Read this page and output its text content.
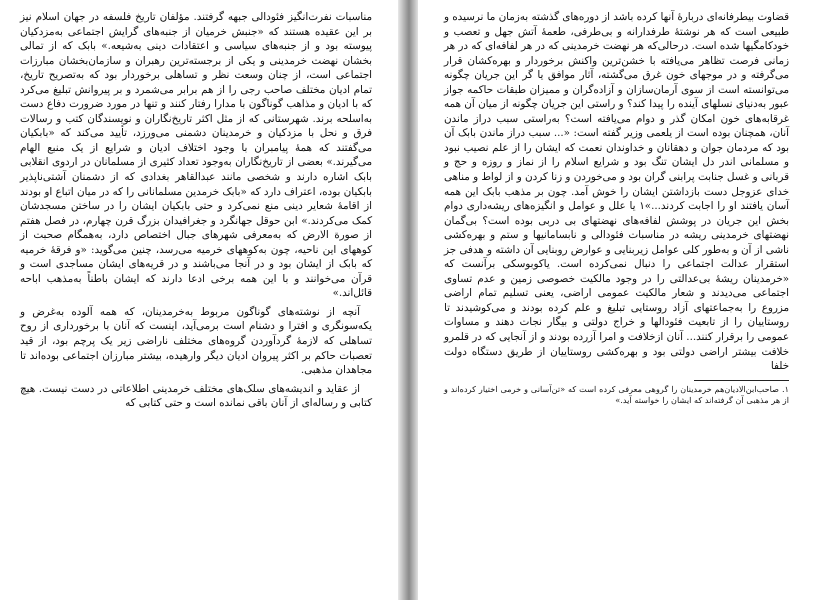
مناسبات نفرت‌انگیز فئودالی جبهه گرفتند. مؤلفان تاریخ فلسفه در جهان اسلام نیز بر این عقیده هستند که «جنبش خرمیان از جنبه‌های گرایش اجتماعی به‌مزدکیان پیوسته بود و از جنبه‌های سیاسی و اعتقادات دینی به‌شیعه.» بابک که از تمالی بخشان نهضت خرمدینی و یکی از برجسته‌ترین رهبران و سازمان‌بخشان مبارزات اجتماعی است، از چنان وسعت نظر و تساهلی برخوردار بود که به‌تصریح تاریخ، تمام ادیان مختلف صاحب رجی را از هم برابر می‌شمرد و بر پیروانش تبلیغ می‌کرد که با ادیان و مذاهب گوناگون با مدارا رفتار کنند و تنها در مورد ضرورت دفاع دست به‌اسلحه برند. شهرستانی که از مثل اکثر تاریخ‌نگاران و نویسندگان کتب و رسالات فرق و نحل با مزدکیان و خرمدینان دشمنی می‌ورزد، تأیید می‌کند که «بابکیان می‌گفتند که همهٔ پیامبران با وجود اختلاف ادیان و شرایع از یک منبع الهام می‌گیرند.» بعضی از تاریخ‌نگاران به‌وجود تعداد کثیری از مسلمانان در اردوی انقلابی بابک اشاره دارند و شخصی مانند عبدالقاهر بغدادی که از دشمنان آشتی‌ناپذیر بابکیان بوده، اعتراف دارد که «بابک خرمدین مسلمانانی را که در میان اتباع او بودند از اقامهٔ شعایر دینی منع نمی‌کرد و حتی بابکیان ایشان را در ساختن مسجدشان کمک می‌کردند.» ابن حوقل جهانگرد و جغرافیدان بزرگ قرن چهارم، در فصل هفتم از صورة الارض که به‌معرفی شهرهای جبال اختصاص دارد، به‌همگام صحبت از کوههای این ناحیه، چون به‌کوههای خرمیه می‌رسد، چنین می‌گوید: «و فرقهٔ خرمیه که بابک از ایشان بود و در آنجا می‌باشند و در قریه‌های ایشان مساجدی است و قرآن می‌خوانند و با این همه برخی ادعا دارند که ایشان باطناً به‌مذهب اباحه قائل‌اند.»

آنچه از نوشته‌های گوناگون مربوط به‌خرمدینان، که همه آلوده به‌غرض و یکه‌سونگری و افترا و دشنام است برمی‌آید، اینست که آنان با برخورداری از روح تساهلی که لازمهٔ گردآوردن گروه‌های مختلف ناراضی زیر یک پرچم بود، از قید تعصبات حاکم بر اکثر پیروان ادیان دیگر وارهیده، بیشتر مبارزان اجتماعی بوده‌اند تا مجاهدان مذهبی.

از عقاید و اندیشه‌های سلک‌های مختلف خرمدینی اطلاعاتی در دست نیست. هیچ کتابی و رساله‌ای از آنان باقی نمانده است و حتی کتابی که

قضاوت بیطرفانه‌ای دربارهٔ آنها کرده باشد از دوره‌های گذشته به‌زمان ما نرسیده و طبیعی است که هر نوشتهٔ طرفدارانه و بی‌طرفی، طعمهٔ آتش جهل و تعصب و خودکامگیها شده است. درحالی‌که هر نهضت خرمدینی که در هر لفافه‌ای که در هر زمانی فرصت تظاهر می‌یافته با خشن‌ترین واکنش برخوردار و بهره‌کشان قرار می‌گرفته و در موجهای خون غرق می‌گشته، آثار موافق یا گر این جریان چگونه می‌توانسته است از سوی آرمان‌سازان و آزاده‌گران و ممیزان طبقات حاکمه جواز عبور به‌دنیای نسلهای آینده را پیدا کند؟ و راستی این جریان چگونه از میان آن همه غرقابه‌های خون امکان گذر و دوام می‌یافته است؟ به‌راستی سبب دراز ماندن آنان، همچنان بوده است از یلعمی وزیر گفته است: «... سبب دراز ماندن بابک آن بود که مردمان جوان و دهقانان و خداوندان نعمت که ایشان را از علم نصیب نبود و مسلمانی اندر دل ایشان تنگ بود و شرایع اسلام را از نماز و روزه و حج و قربانی و غسل جنابت پرابنی گران بود و می‌خوردن و زنا کردن و از لواط و مناهی خدای عزوجل دست بازداشتن ایشان را خوش آمد. چون بر مذهب بابک این همه آسان یافتند او را اجابت کردند...»۱ یا علل و عوامل و انگیزه‌های ریشه‌داری دوام بخش این جریان در پوشش لفافه‌های نهضتهای بی دربی بوده است؟ بی‌گمان نهضتهای خرمدینی ریشه در مناسبات فئودالی و نابسامانیها و ستم و بهره‌کشی ناشی از آن و به‌طور کلی عوامل زیربنایی و عوارض روبنایی آن داشته و هدفی جز استقرار عدالت اجتماعی را دنبال نمی‌کرده است. یاکوبوسکی برآنست که «خرمدینان ریشهٔ بی‌عدالتی را در وجود مالکیت خصوصی زمین و عدم تساوی اجتماعی می‌دیدند و شعار مالکیت عمومی اراضی، یعنی تسلیم تمام اراضی مزروع را به‌جماعتهای آزاد روستایی تبلیغ و علم کرده بودند و می‌کوشیدند تا روستاییان را از تابعیت فئودالها و خراج دولتی و بیگار نجات دهند و مساوات عمومی را برقرار کنند... آنان از‌خلافت و امرا آزرده بودند و از آنجایی که در قلمرو خلافت بیشتر اراضی دولتی بود و بهره‌کشی روستاییان از طریق دستگاه دولت خلفا

۱. صاحب‌ابن‌الادیان‌هم خرمدینان را گروهی معرفی کرده است که «تن‌آسانی و خرمی اختیار کرده‌اند و از هر مذهبی آن گرفته‌اند که ایشان را خواسته آید.»
